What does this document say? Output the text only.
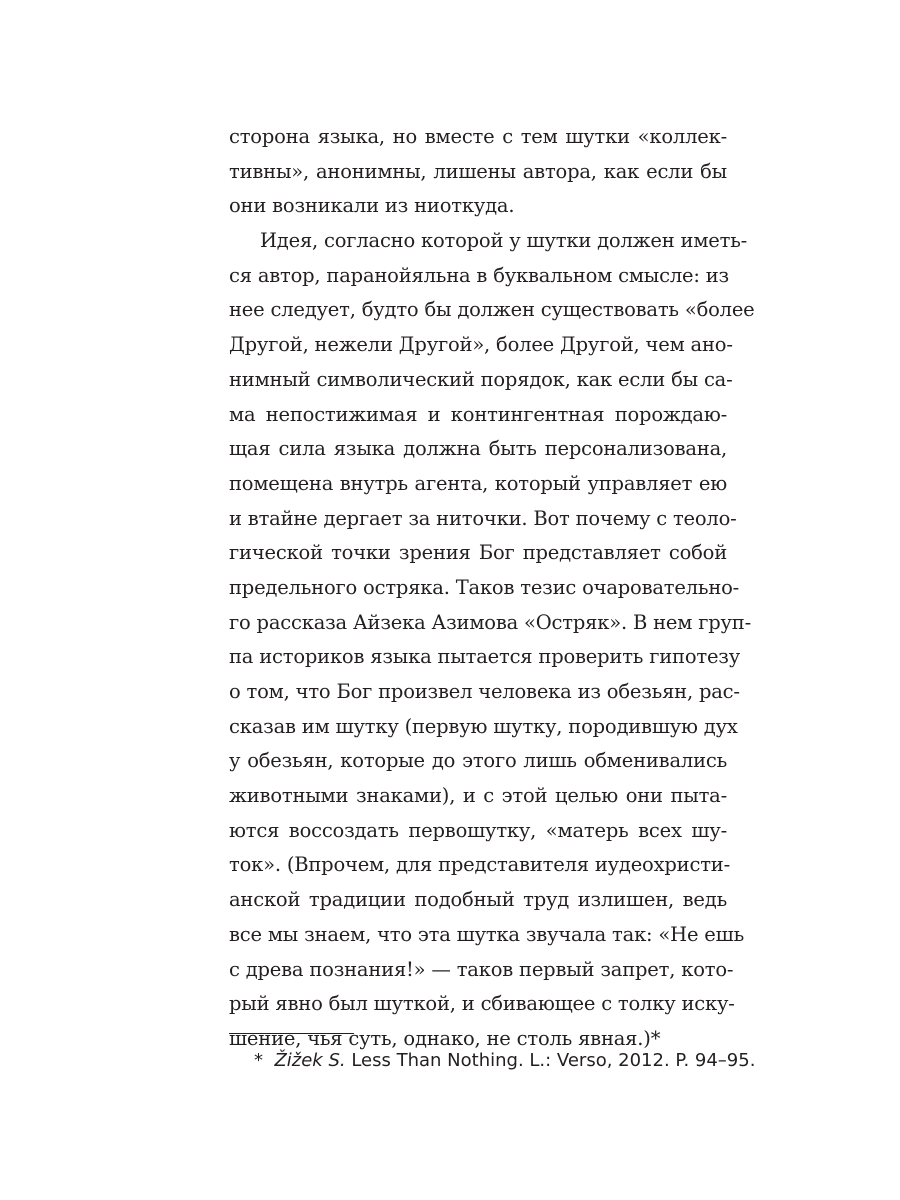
сторона языка, но вместе с тем шутки «коллек-
тивны», анонимны, лишены автора, как если бы
они возникали из ниоткуда.
Идея, согласно которой у шутки должен иметь-
ся автор, паранойяльна в буквальном смысле: из
нее следует, будто бы должен существовать «более
Другой, нежели Другой», более Другой, чем ано-
нимный символический порядок, как если бы са-
ма непостижимая и контингентная порождаю-
щая сила языка должна быть персонализована,
помещена внутрь агента, который управляет ею
и втайне дергает за ниточки. Вот почему с теоло-
гической точки зрения Бог представляет собой
предельного остряка. Таков тезис очаровательно-
го рассказа Айзека Азимова «Остряк». В нем груп-
па историков языка пытается проверить гипотезу
о том, что Бог произвел человека из обезьян, рас-
сказав им шутку (первую шутку, породившую дух
у обезьян, которые до этого лишь обменивались
животными знаками), и с этой целью они пыта-
ются воссоздать первошутку, «матерь всех шу-
ток». (Впрочем, для представителя иудеохристи-
анской традиции подобный труд излишен, ведь
все мы знаем, что эта шутка звучала так: «Не ешь
с древа познания!» — таков первый запрет, кото-
рый явно был шуткой, и сбивающее с толку иску-
шение, чья суть, однако, не столь явная.)*
* Žižek S. Less Than Nothing. L.: Verso, 2012. P. 94–95.
